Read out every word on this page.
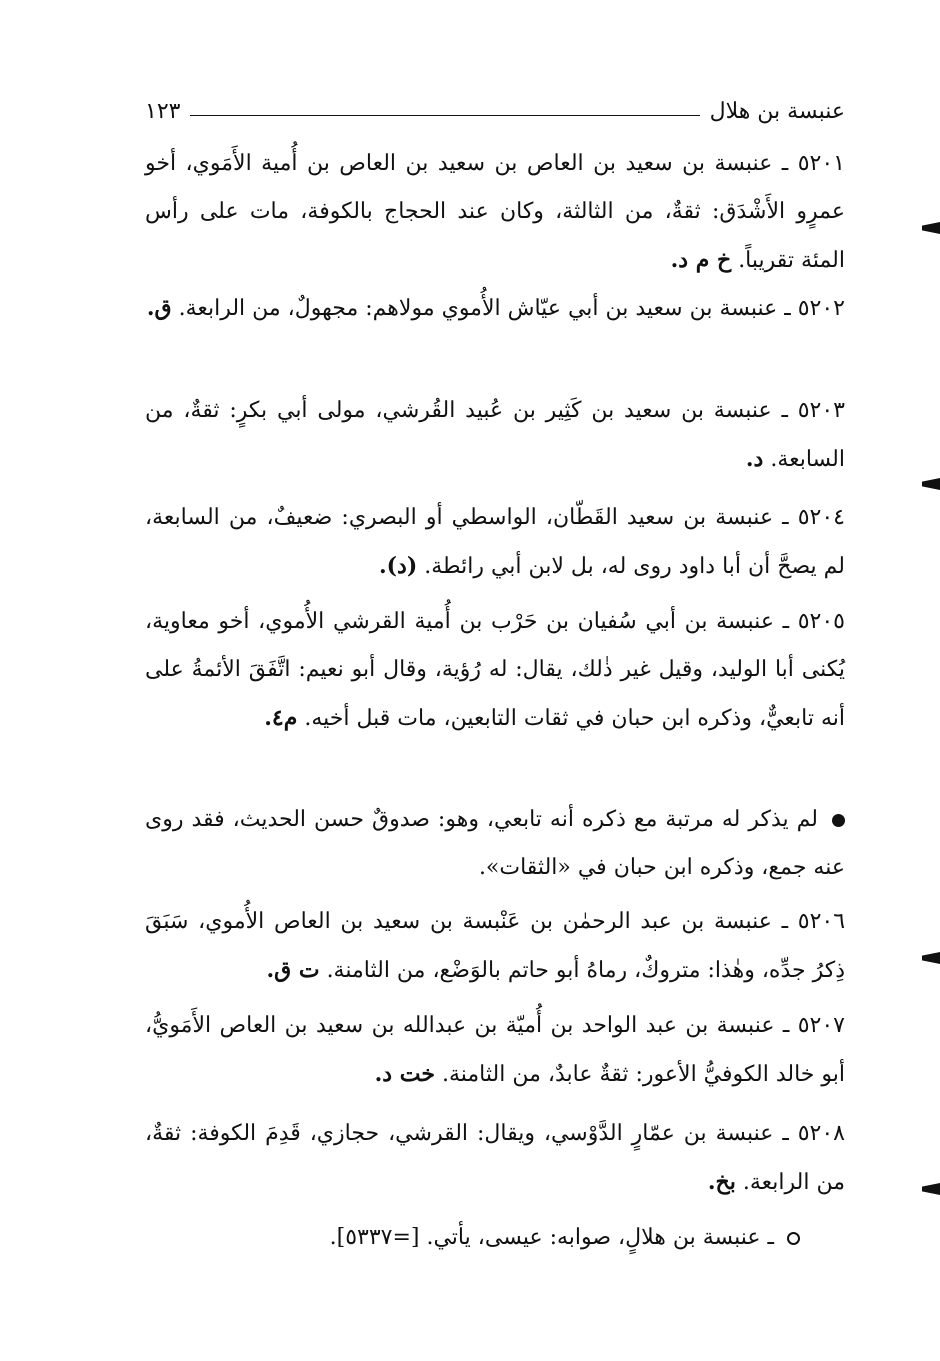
عنبسة بن هلال
١٢٣
٥٢٠١ ـ عنبسة بن سعيد بن العاص بن سعيد بن العاص بن أُمية الأَمَوي، أخو عمرٍو الأَشْدَق: ثقةٌ، من الثالثة، وكان عند الحجاج بالكوفة، مات على رأس المئة تقريباً. خ م د.
٥٢٠٢ ـ عنبسة بن سعيد بن أبي عيّاش الأُموي مولاهم: مجهولٌ، من الرابعة. ق.
٥٢٠٣ ـ عنبسة بن سعيد بن كَثِير بن عُبيد القُرشي، مولى أبي بكرٍ: ثقةٌ، من السابعة. د.
٥٢٠٤ ـ عنبسة بن سعيد القَطّان، الواسطي أو البصري: ضعيفٌ، من السابعة، لم يصحَّ أن أبا داود روى له، بل لابن أبي رائطة. (د).
٥٢٠٥ ـ عنبسة بن أبي سُفيان بن حَرْب بن أُمية القرشي الأُموي، أخو معاوية، يُكنى أبا الوليد، وقيل غير ذٰلك، يقال: له رُؤية، وقال أبو نعيم: اتَّفَقَ الأئمةُ على أنه تابعيٌّ، وذكره ابن حبان في ثقات التابعين، مات قبل أخيه. م٤.
لم يذكر له مرتبة مع ذكره أنه تابعي، وهو: صدوقٌ حسن الحديث، فقد روى عنه جمع، وذكره ابن حبان في «الثقات».
٥٢٠٦ ـ عنبسة بن عبد الرحمٰن بن عَنْبسة بن سعيد بن العاص الأُموي، سَبَقَ ذِكرُ جدِّه، وهٰذا: متروكٌ، رماهُ أبو حاتم بالوَضْع، من الثامنة. ت ق.
٥٢٠٧ ـ عنبسة بن عبد الواحد بن أُميّة بن عبدالله بن سعيد بن العاص الأَمَويُّ، أبو خالد الكوفيُّ الأعور: ثقةٌ عابدٌ، من الثامنة. خت د.
٥٢٠٨ ـ عنبسة بن عمّارٍ الدَّوْسي، ويقال: القرشي، حجازي، قَدِمَ الكوفة: ثقةٌ، من الرابعة. بخ.
ـ عنبسة بن هلالٍ، صوابه: عيسى، يأتي. [=٥٣٣٧].
